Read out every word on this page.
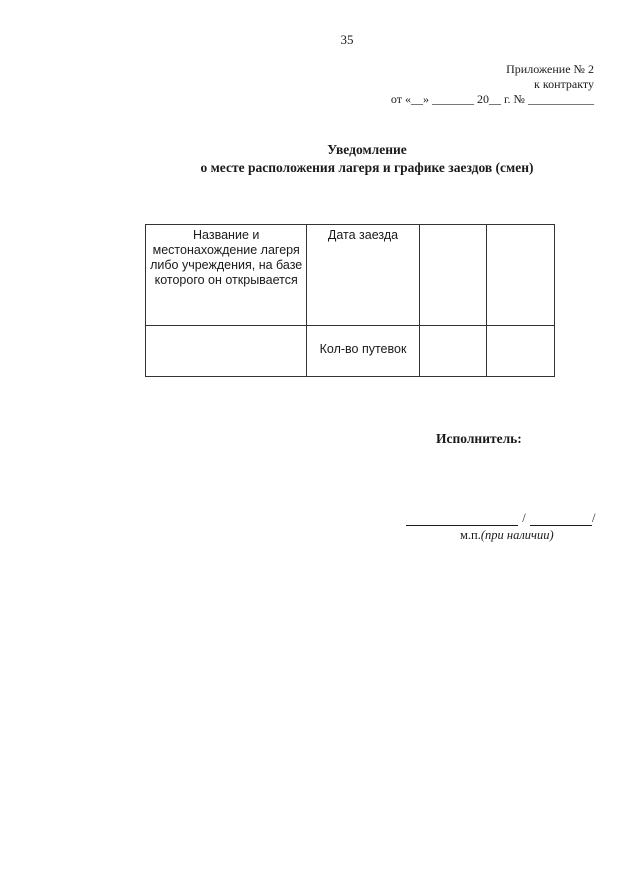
35
Приложение № 2
к контракту
от «__» _______ 20__ г. № ___________
Уведомление
о месте расположения лагеря и графике заездов (смен)
Название и местонахождение лагеря либо учреждения, на базе которого он открывается	Дата заезда		

	Кол-во путевок		

Исполнитель:
/	/
м.п.(при наличии)
